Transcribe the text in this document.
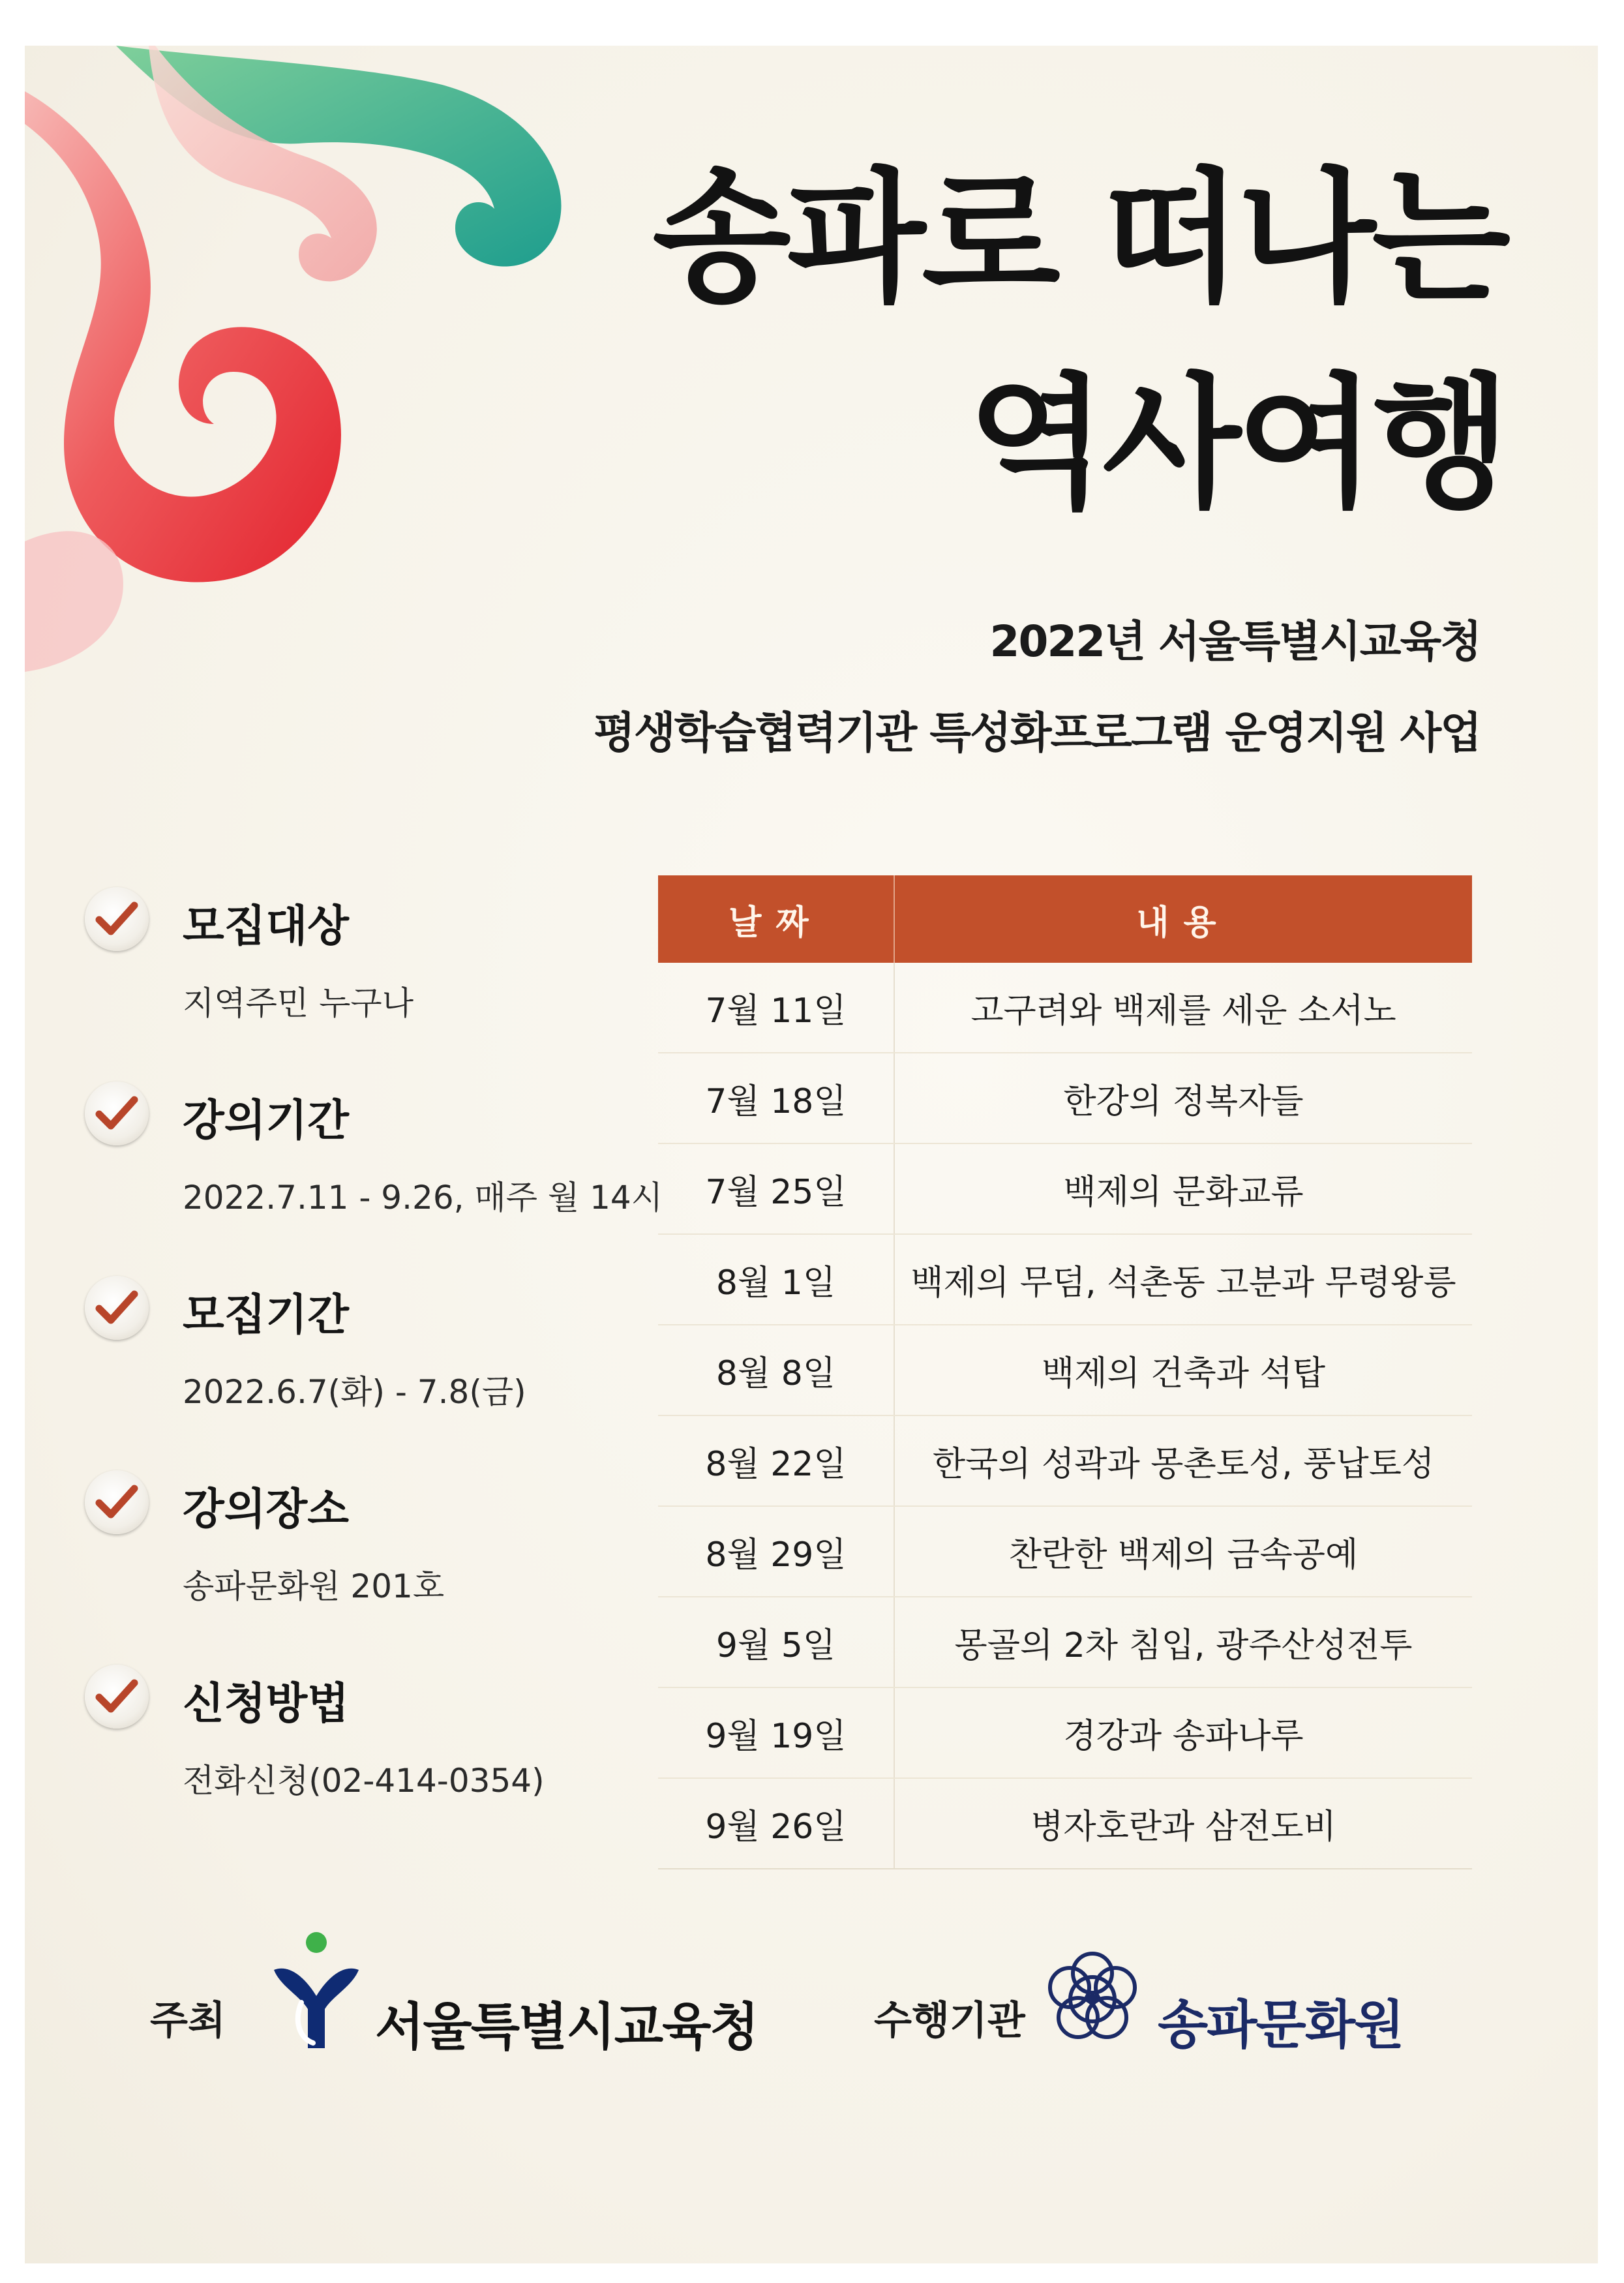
송파로 떠나는
역사여행
2022년 서울특별시교육청
평생학습협력기관 특성화프로그램 운영지원 사업
모집대상
지역주민 누구나
강의기간
2022.7.11 - 9.26, 매주 월 14시
모집기간
2022.6.7(화) - 7.8(금)
강의장소
송파문화원 201호
신청방법
전화신청(02-414-0354)
날짜	내용
7월 11일	고구려와 백제를 세운 소서노
7월 18일	한강의 정복자들
7월 25일	백제의 문화교류
8월 1일	백제의 무덤, 석촌동 고분과 무령왕릉
8월 8일	백제의 건축과 석탑
8월 22일	한국의 성곽과 몽촌토성, 풍납토성
8월 29일	찬란한 백제의 금속공예
9월 5일	몽골의 2차 침입, 광주산성전투
9월 19일	경강과 송파나루
9월 26일	병자호란과 삼전도비
주최	서울특별시교육청	수행기관	송파문화원
